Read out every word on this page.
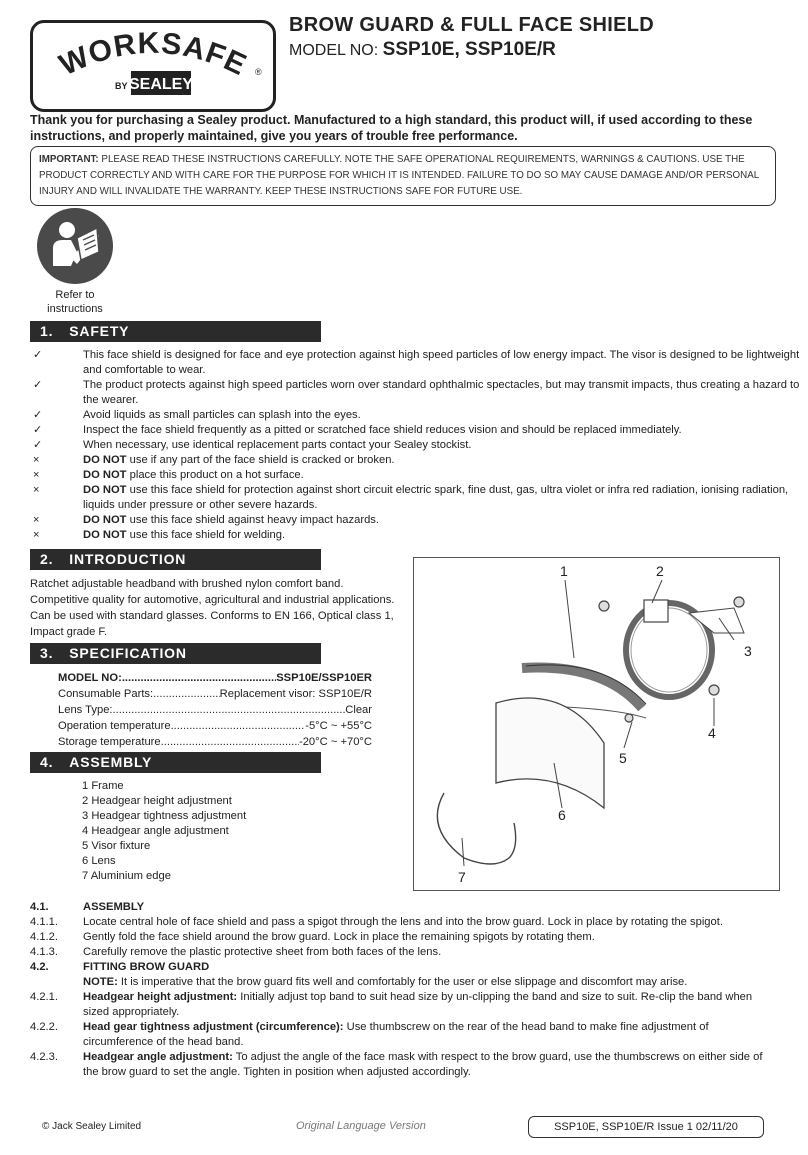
WORKSAFE
BY SEALEY
®
BROW GUARD & FULL FACE SHIELD
MODEL NO: SSP10E, SSP10E/R
Thank you for purchasing a Sealey product. Manufactured to a high standard, this product will, if used according to these instructions, and properly maintained, give you years of trouble free performance.
IMPORTANT: PLEASE READ THESE INSTRUCTIONS CAREFULLY. NOTE THE SAFE OPERATIONAL REQUIREMENTS, WARNINGS & CAUTIONS. USE THE PRODUCT CORRECTLY AND WITH CARE FOR THE PURPOSE FOR WHICH IT IS INTENDED. FAILURE TO DO SO MAY CAUSE DAMAGE AND/OR PERSONAL INJURY AND WILL INVALIDATE THE WARRANTY. KEEP THESE INSTRUCTIONS SAFE FOR FUTURE USE.
Refer to
instructions
1. SAFETY
✓	This face shield is designed for face and eye protection against high speed particles of low energy impact. The visor is designed to be lightweight and comfortable to wear.
✓	The product protects against high speed particles worn over standard ophthalmic spectacles, but may transmit impacts, thus creating a hazard to the wearer.
✓	Avoid liquids as small particles can splash into the eyes.
✓	Inspect the face shield frequently as a pitted or scratched face shield reduces vision and should be replaced immediately.
✓	When necessary, use identical replacement parts contact your Sealey stockist.
×	DO NOT use if any part of the face shield is cracked or broken.
×	DO NOT place this product on a hot surface.
×	DO NOT use this face shield for protection against short circuit electric spark, fine dust, gas, ultra violet or infra red radiation, ionising radiation, liquids under pressure or other severe hazards.
×	DO NOT use this face shield against heavy impact hazards.
×	DO NOT use this face shield for welding.
2. INTRODUCTION
Ratchet adjustable headband with brushed nylon comfort band.
Competitive quality for automotive, agricultural and industrial applications.
Can be used with standard glasses. Conforms to EN 166, Optical class 1,
Impact grade F.
3. SPECIFICATION
MODEL NO: .....	SSP10E/SSP10ER
Consumable Parts: .....	Replacement visor: SSP10E/R
Lens Type: .....	Clear
Operation temperature .....	-5°C ~ +55°C
Storage temperature .....	-20°C ~ +70°C
4. ASSEMBLY
1 Frame
2 Headgear height adjustment
3 Headgear tightness adjustment
4 Headgear angle adjustment
5 Visor fixture
6 Lens
7 Aluminium edge
1	2
3
4
5
6
7
4.1.	ASSEMBLY
4.1.1. Locate central hole of face shield and pass a spigot through the lens and into the brow guard. Lock in place by rotating the spigot.
4.1.2. Gently fold the face shield around the brow guard. Lock in place the remaining spigots by rotating them.
4.1.3. Carefully remove the plastic protective sheet from both faces of the lens.
4.2.	FITTING BROW GUARD
NOTE: It is imperative that the brow guard fits well and comfortably for the user or else slippage and discomfort may arise.
4.2.1. Headgear height adjustment: Initially adjust top band to suit head size by un-clipping the band and size to suit. Re-clip the band when sized appropriately.
4.2.2. Head gear tightness adjustment (circumference): Use thumbscrew on the rear of the head band to make fine adjustment of circumference of the head band.
4.2.3. Headgear angle adjustment: To adjust the angle of the face mask with respect to the brow guard, use the thumbscrews on either side of the brow guard to set the angle. Tighten in position when adjusted accordingly.
© Jack Sealey Limited	Original Language Version	SSP10E, SSP10E/R Issue 1 02/11/20
